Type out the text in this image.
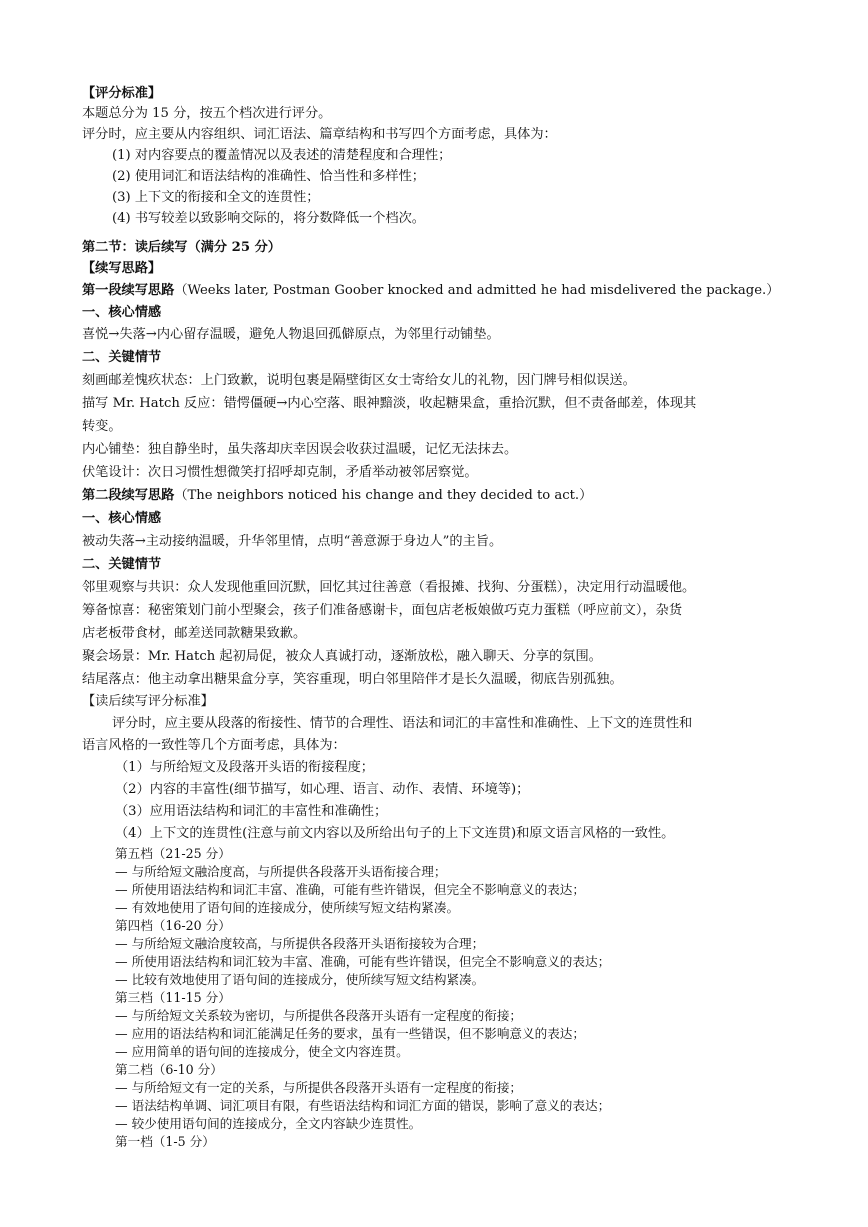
【评分标准】
本题总分为 15 分，按五个档次进行评分。
评分时，应主要从内容组织、词汇语法、篇章结构和书写四个方面考虑，具体为：
(1) 对内容要点的覆盖情况以及表述的清楚程度和合理性；
(2) 使用词汇和语法结构的准确性、恰当性和多样性；
(3) 上下文的衔接和全文的连贯性；
(4) 书写较差以致影响交际的，将分数降低一个档次。
第二节：读后续写（满分 25 分）
【续写思路】
第一段续写思路（Weeks later, Postman Goober knocked and admitted he had misdelivered the package.）
一、核心情感
喜悦→失落→内心留存温暖，避免人物退回孤僻原点，为邻里行动铺垫。
二、关键情节
刻画邮差愧疚状态：上门致歉，说明包裹是隔壁街区女士寄给女儿的礼物，因门牌号相似误送。
描写 Mr. Hatch 反应：错愕僵硬→内心空落、眼神黯淡，收起糖果盒，重拾沉默，但不责备邮差，体现其
转变。
内心铺垫：独自静坐时，虽失落却庆幸因误会收获过温暖，记忆无法抹去。
伏笔设计：次日习惯性想微笑打招呼却克制，矛盾举动被邻居察觉。
第二段续写思路（The neighbors noticed his change and they decided to act.）
一、核心情感
被动失落→主动接纳温暖，升华邻里情，点明“善意源于身边人”的主旨。
二、关键情节
邻里观察与共识：众人发现他重回沉默，回忆其过往善意（看报摊、找狗、分蛋糕），决定用行动温暖他。
筹备惊喜：秘密策划门前小型聚会，孩子们准备感谢卡，面包店老板娘做巧克力蛋糕（呼应前文），杂货
店老板带食材，邮差送同款糖果致歉。
聚会场景：Mr. Hatch 起初局促，被众人真诚打动，逐渐放松，融入聊天、分享的氛围。
结尾落点：他主动拿出糖果盒分享，笑容重现，明白邻里陪伴才是长久温暖，彻底告别孤独。
【读后续写评分标准】
评分时，应主要从段落的衔接性、情节的合理性、语法和词汇的丰富性和准确性、上下文的连贯性和
语言风格的一致性等几个方面考虑，具体为：
（1）与所给短文及段落开头语的衔接程度；
（2）内容的丰富性(细节描写，如心理、语言、动作、表情、环境等)；
（3）应用语法结构和词汇的丰富性和准确性；
（4）上下文的连贯性(注意与前文内容以及所给出句子的上下文连贯)和原文语言风格的一致性。
第五档（21-25 分）
— 与所给短文融洽度高，与所提供各段落开头语衔接合理；
— 所使用语法结构和词汇丰富、准确，可能有些许错误，但完全不影响意义的表达；
— 有效地使用了语句间的连接成分，使所续写短文结构紧凑。
第四档（16-20 分）
— 与所给短文融洽度较高，与所提供各段落开头语衔接较为合理；
— 所使用语法结构和词汇较为丰富、准确，可能有些许错误，但完全不影响意义的表达；
— 比较有效地使用了语句间的连接成分，使所续写短文结构紧凑。
第三档（11-15 分）
— 与所给短文关系较为密切，与所提供各段落开头语有一定程度的衔接；
— 应用的语法结构和词汇能满足任务的要求，虽有一些错误，但不影响意义的表达；
— 应用简单的语句间的连接成分，使全文内容连贯。
第二档（6-10 分）
— 与所给短文有一定的关系，与所提供各段落开头语有一定程度的衔接；
— 语法结构单调、词汇项目有限，有些语法结构和词汇方面的错误，影响了意义的表达；
— 较少使用语句间的连接成分，全文内容缺少连贯性。
第一档（1-5 分）
